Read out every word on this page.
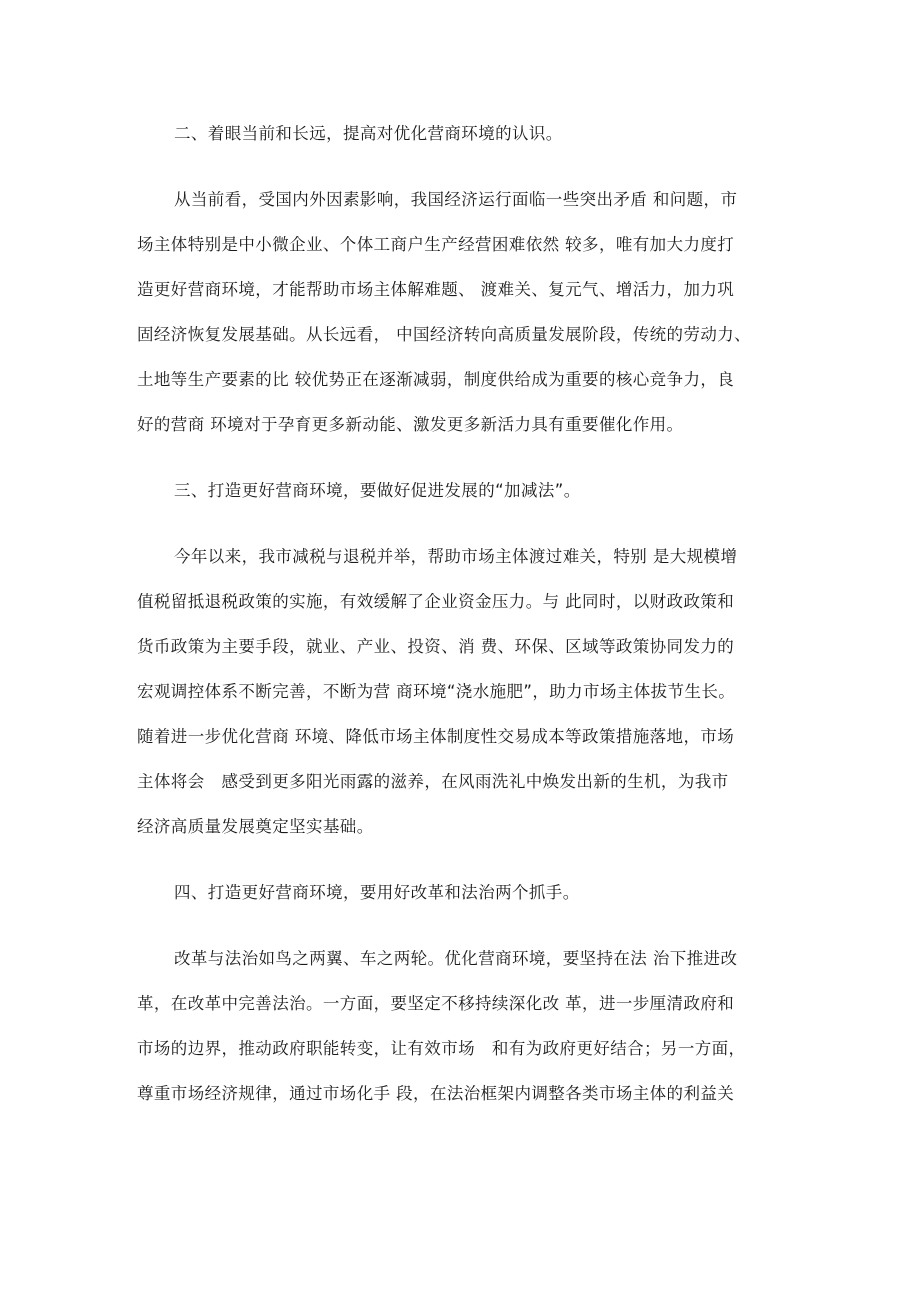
二、着眼当前和长远，提高对优化营商环境的认识。
从当前看，受国内外因素影响，我国经济运行面临一些突出矛盾 和问题，市
场主体特别是中小微企业、个体工商户生产经营困难依然 较多，唯有加大力度打
造更好营商环境，才能帮助市场主体解难题、 渡难关、复元气、增活力，加力巩
固经济恢复发展基础。从长远看， 中国经济转向高质量发展阶段，传统的劳动力、
土地等生产要素的比 较优势正在逐渐减弱，制度供给成为重要的核心竞争力，良
好的营商 环境对于孕育更多新动能、激发更多新活力具有重要催化作用。
三、打造更好营商环境，要做好促进发展的“加减法”。
今年以来，我市减税与退税并举，帮助市场主体渡过难关，特别 是大规模增
值税留抵退税政策的实施，有效缓解了企业资金压力。与 此同时，以财政政策和
货币政策为主要手段，就业、产业、投资、消 费、环保、区域等政策协同发力的
宏观调控体系不断完善，不断为营 商环境“浇水施肥”，助力市场主体拔节生长。
随着进一步优化营商 环境、降低市场主体制度性交易成本等政策措施落地，市场
主体将会   感受到更多阳光雨露的滋养，在风雨洗礼中焕发出新的生机，为我市
经济高质量发展奠定坚实基础。
四、打造更好营商环境，要用好改革和法治两个抓手。
改革与法治如鸟之两翼、车之两轮。优化营商环境，要坚持在法 治下推进改
革，在改革中完善法治。一方面，要坚定不移持续深化改 革，进一步厘清政府和
市场的边界，推动政府职能转变，让有效市场   和有为政府更好结合；另一方面，
尊重市场经济规律，通过市场化手 段，在法治框架内调整各类市场主体的利益关
